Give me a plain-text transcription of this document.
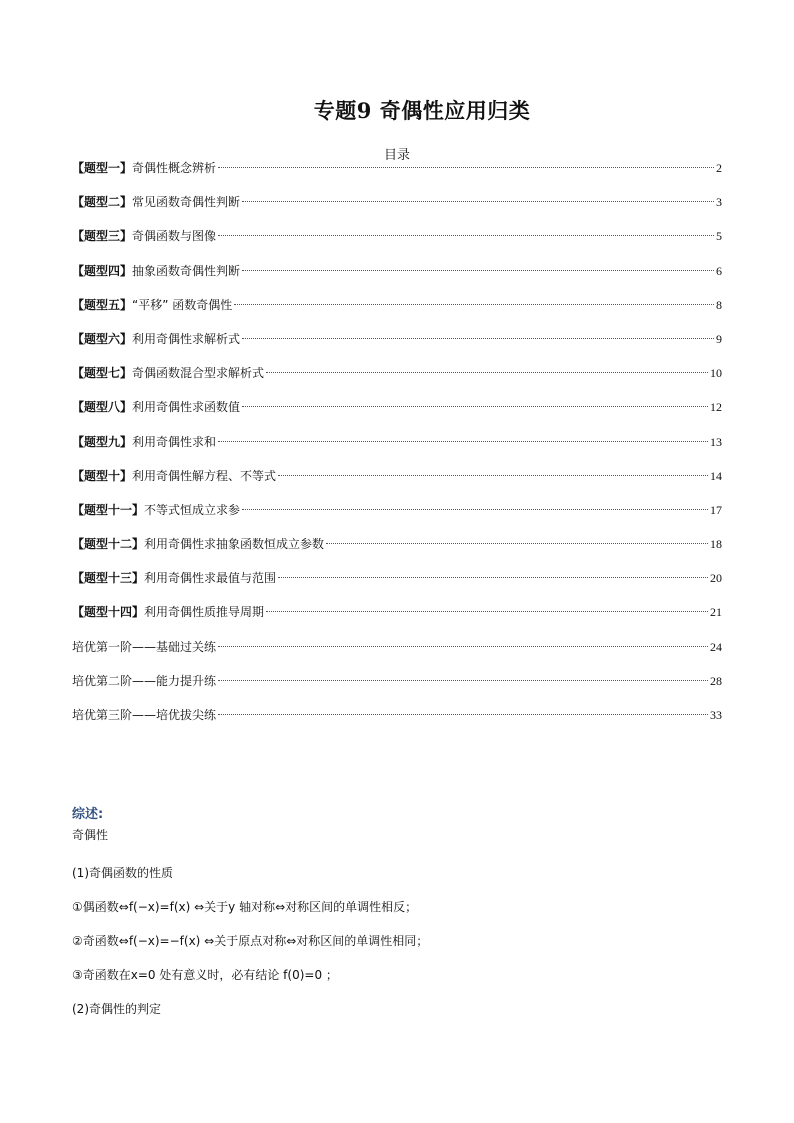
专题9 奇偶性应用归类
目录
【题型一】奇偶性概念辨析	2
【题型二】常见函数奇偶性判断	3
【题型三】奇偶函数与图像	5
【题型四】抽象函数奇偶性判断	6
【题型五】“平移” 函数奇偶性	8
【题型六】利用奇偶性求解析式	9
【题型七】奇偶函数混合型求解析式	10
【题型八】利用奇偶性求函数值	12
【题型九】利用奇偶性求和	13
【题型十】利用奇偶性解方程、不等式	14
【题型十一】不等式恒成立求参	17
【题型十二】利用奇偶性求抽象函数恒成立参数	18
【题型十三】利用奇偶性求最值与范围	20
【题型十四】利用奇偶性质推导周期	21
培优第一阶——基础过关练	24
培优第二阶——能力提升练	28
培优第三阶——培优拔尖练	33
综述:
奇偶性
(1)奇偶函数的性质
①偶函数⇔f(−x)=f(x) ⇔关于y 轴对称⇔对称区间的单调性相反；
②奇函数⇔f(−x)=−f(x) ⇔关于原点对称⇔对称区间的单调性相同；
③奇函数在x=0 处有意义时，必有结论 f(0)=0 ；
(2)奇偶性的判定
